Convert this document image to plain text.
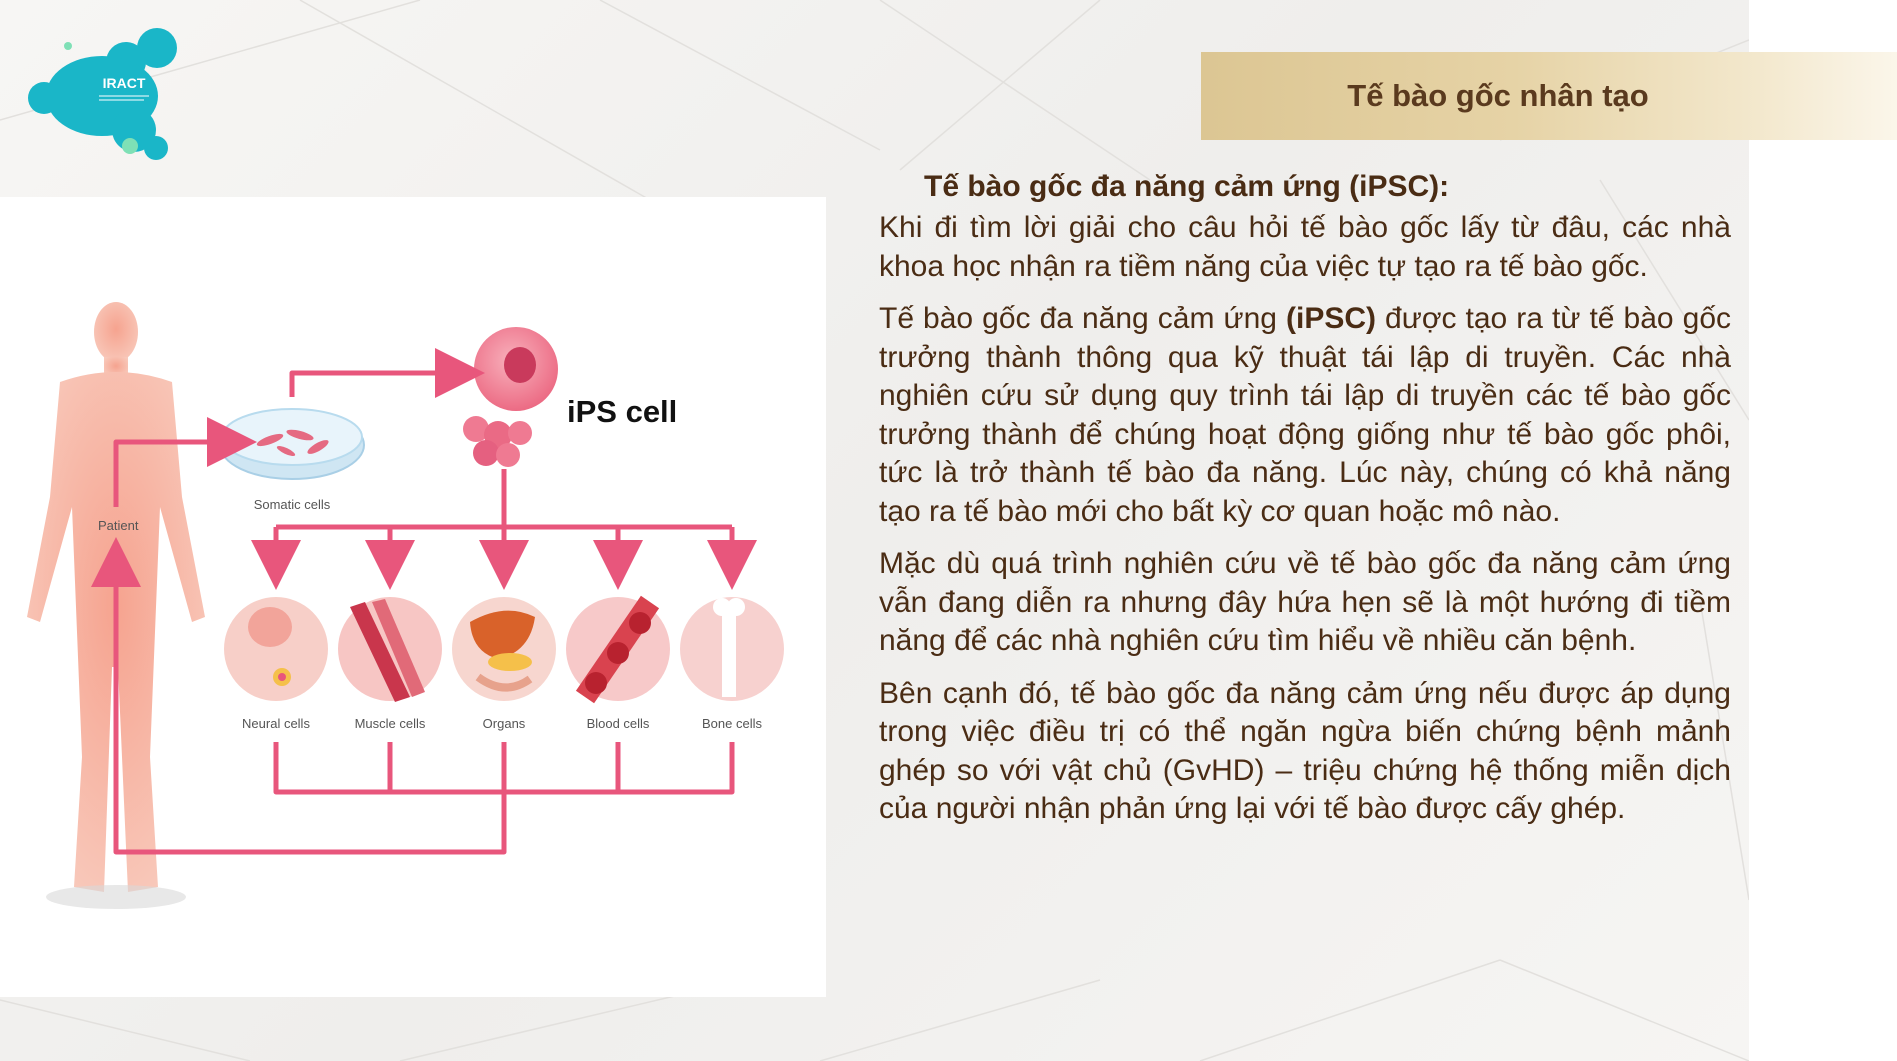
IRACT
Patient
Somatic cells
iPS cell
Neural cells	Muscle cells	Organs	Blood cells	Bone cells

Tế bào gốc đa năng cảm ứng (iPSC):

Khi đi tìm lời giải cho câu hỏi tế bào gốc lấy từ đâu, các nhà khoa học nhận ra tiềm năng của việc tự tạo ra tế bào gốc.

Tế bào gốc đa năng cảm ứng (iPSC) được tạo ra từ tế bào gốc trưởng thành thông qua kỹ thuật tái lập di truyền. Các nhà nghiên cứu sử dụng quy trình tái lập di truyền các tế bào gốc trưởng thành để chúng hoạt động giống như tế bào gốc phôi, tức là trở thành tế bào đa năng. Lúc này, chúng có khả năng tạo ra tế bào mới cho bất kỳ cơ quan hoặc mô nào.

Mặc dù quá trình nghiên cứu về tế bào gốc đa năng cảm ứng vẫn đang diễn ra nhưng đây hứa hẹn sẽ là một hướng đi tiềm năng để các nhà nghiên cứu tìm hiểu về nhiều căn bệnh.

Bên cạnh đó, tế bào gốc đa năng cảm ứng nếu được áp dụng trong việc điều trị có thể ngăn ngừa biến chứng bệnh mảnh ghép so với vật chủ (GvHD) – triệu chứng hệ thống miễn dịch của người nhận phản ứng lại với tế bào được cấy ghép.

Tế bào gốc nhân tạo
